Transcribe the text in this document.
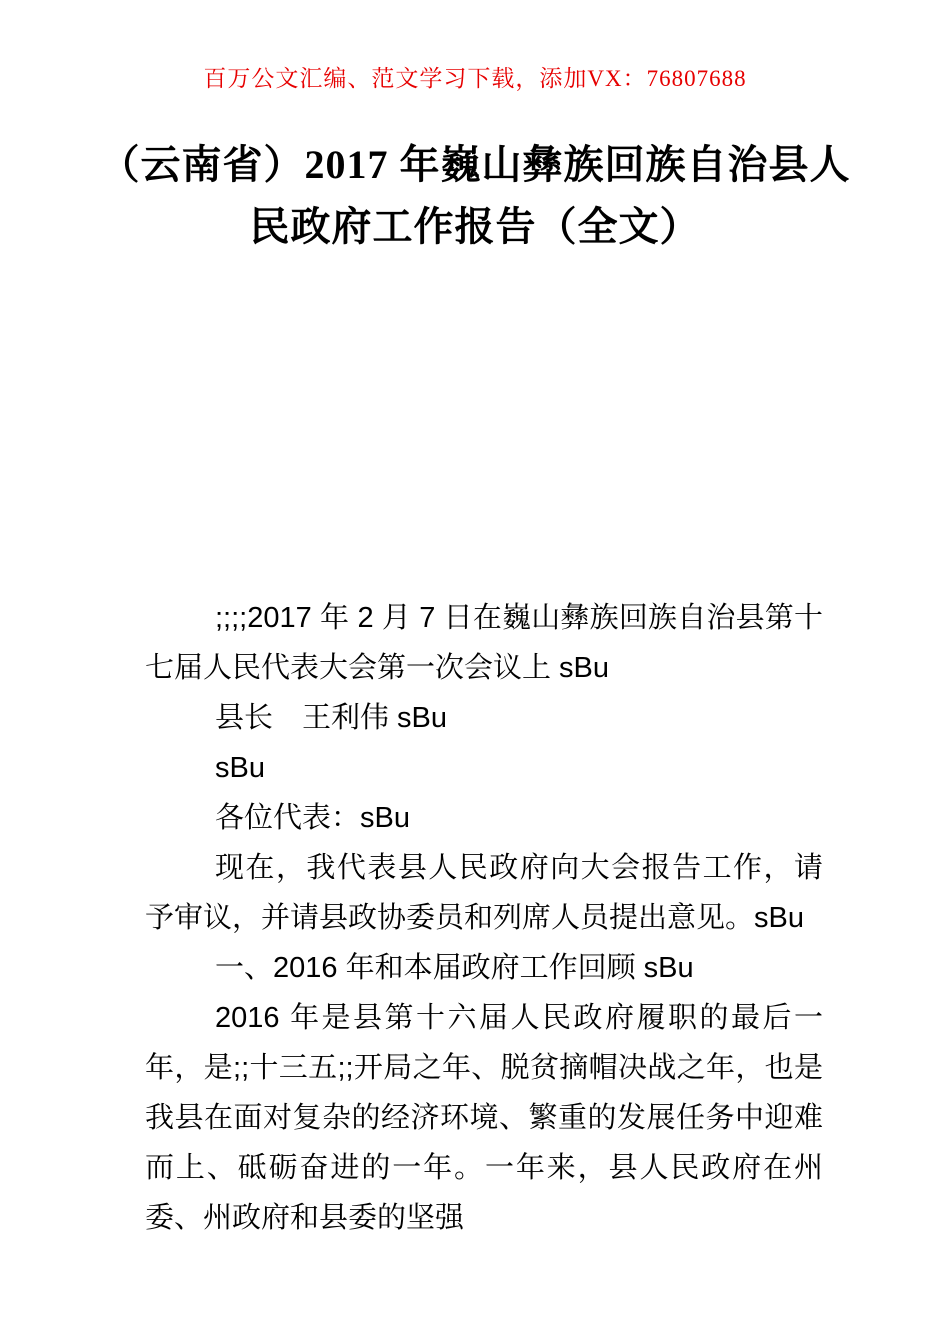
百万公文汇编、范文学习下载，添加VX：76807688
（云南省）2017 年巍山彝族回族自治县人
民政府工作报告（全文）

;;;;2017 年 2 月 7 日在巍山彝族回族自治县第十七届人民代表大会第一次会议上 sBu

县长　王利伟 sBu

sBu

各位代表：sBu

现在，我代表县人民政府向大会报告工作，请予审议，并请县政协委员和列席人员提出意见。sBu

一、2016 年和本届政府工作回顾 sBu

2016 年是县第十六届人民政府履职的最后一年，是;;十三五;;开局之年、脱贫摘帽决战之年，也是我县在面对复杂的经济环境、繁重的发展任务中迎难而上、砥砺奋进的一年。一年来，县人民政府在州委、州政府和县委的坚强
